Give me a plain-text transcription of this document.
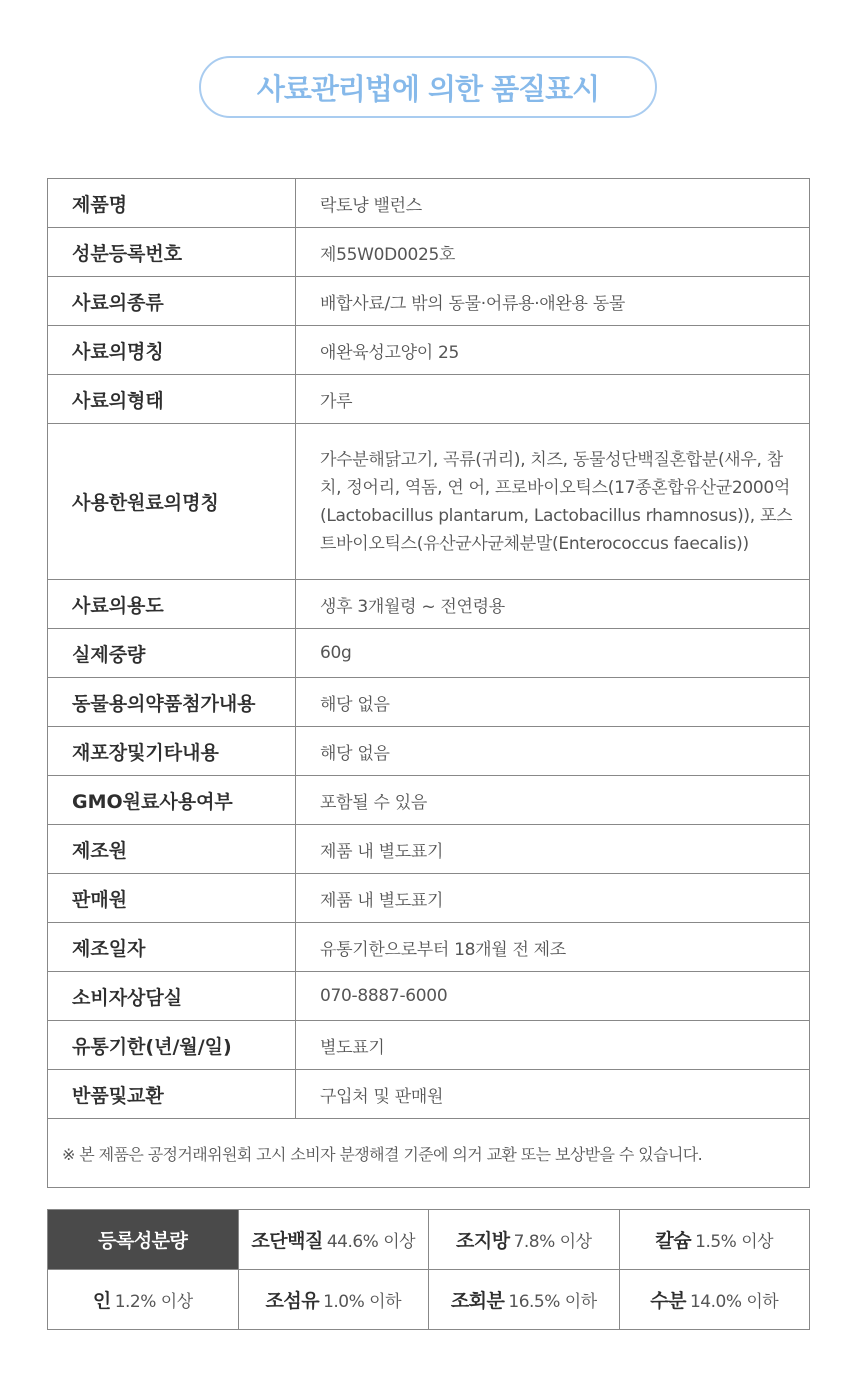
사료관리법에 의한 품질표시
제품명	락토냥 밸런스
성분등록번호	제55W0D0025호
사료의종류	배합사료/그 밖의 동물·어류용·애완용 동물
사료의명칭	애완육성고양이 25
사료의형태	가루
사용한원료의명칭	가수분해닭고기, 곡류(귀리), 치즈, 동물성단백질혼합분(새우, 참치, 정어리, 역돔, 연 어, 프로바이오틱스(17종혼합유산균2000억(Lactobacillus plantarum, Lactobacillus rhamnosus)), 포스 트바이오틱스(유산균사균체분말(Enterococcus faecalis))
사료의용도	생후 3개월령 ~ 전연령용
실제중량	60g
동물용의약품첨가내용	해당 없음
재포장및기타내용	해당 없음
GMO원료사용여부	포함될 수 있음
제조원	제품 내 별도표기
판매원	제품 내 별도표기
제조일자	유통기한으로부터 18개월 전 제조
소비자상담실	070-8887-6000
유통기한(년/월/일)	별도표기
반품및교환	구입처 및 판매원
※ 본 제품은 공정거래위원회 고시 소비자 분쟁해결 기준에 의거 교환 또는 보상받을 수 있습니다.	
등록성분량	조단백질 44.6% 이상	조지방 7.8% 이상	칼슘 1.5% 이상
인 1.2% 이상	조섬유 1.0% 이하	조회분 16.5% 이하	수분 14.0% 이하
